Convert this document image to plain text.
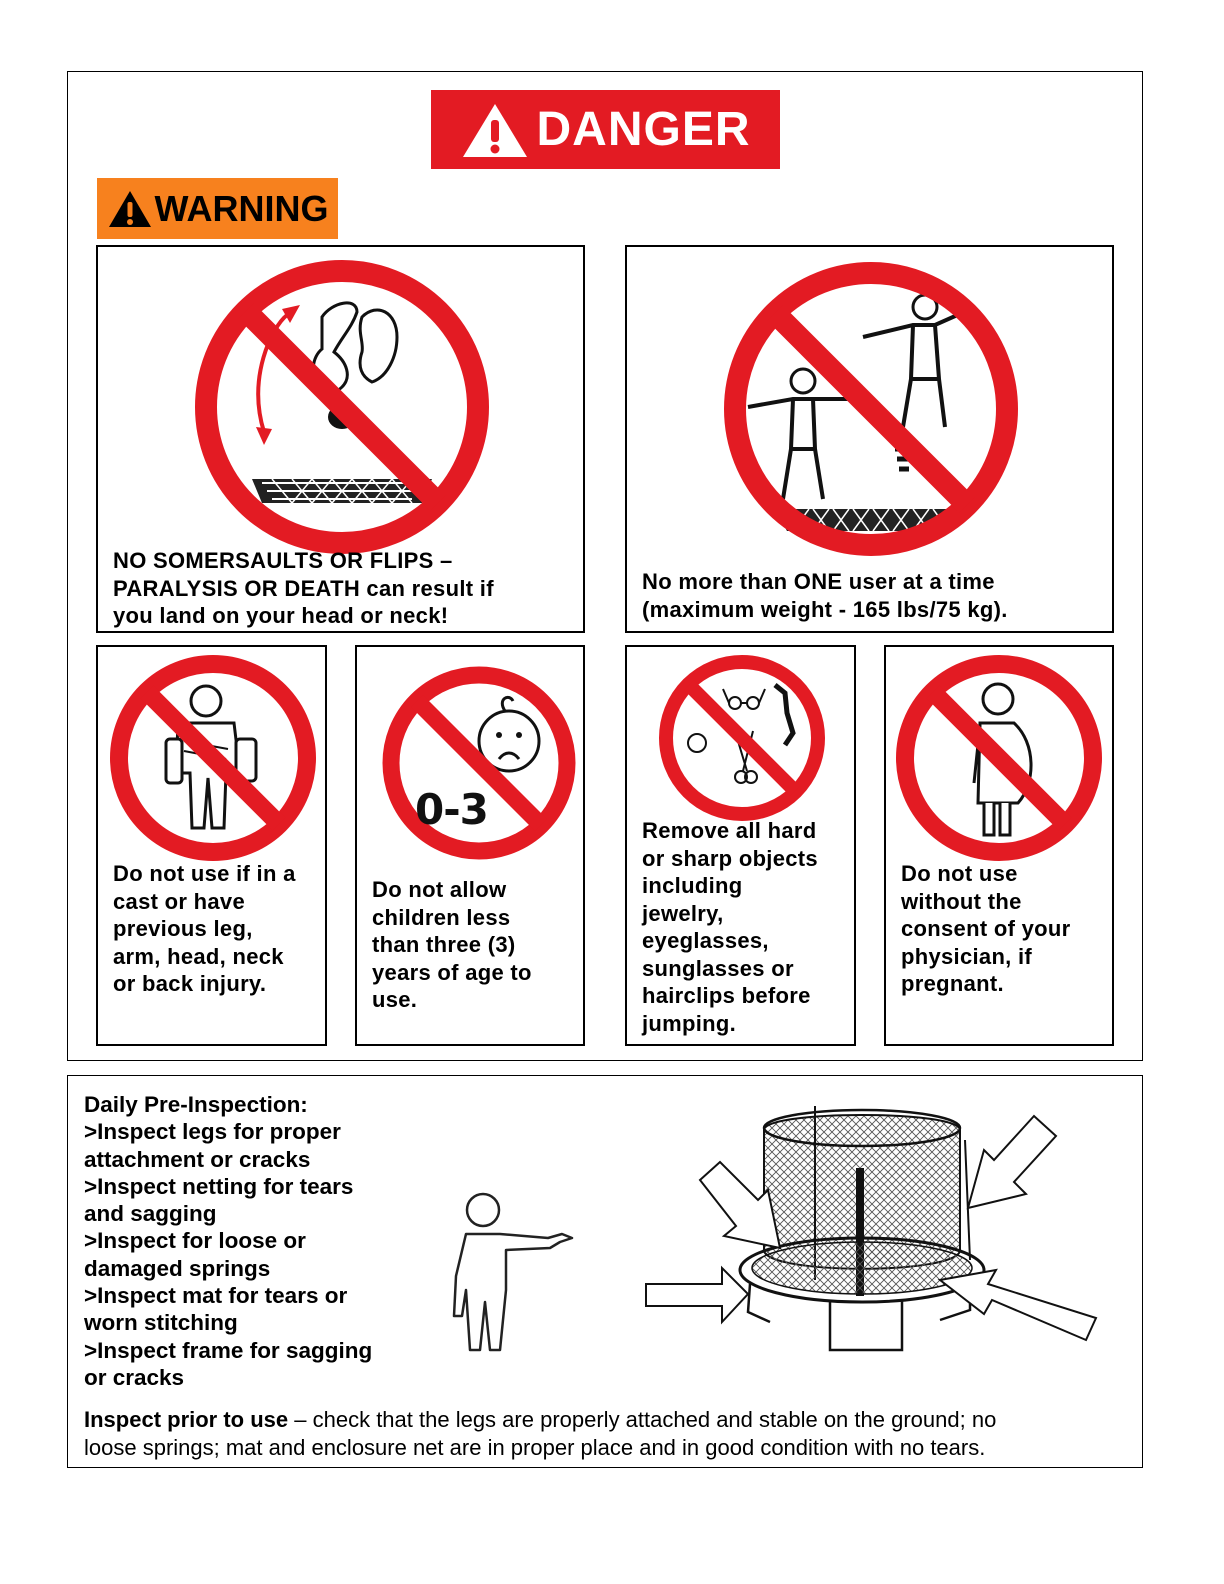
DANGER
WARNING
NO SOMERSAULTS OR FLIPS –
PARALYSIS OR DEATH can result if
you land on your head or neck!
No more than ONE user at a time
(maximum weight - 165 lbs/75 kg).
Do not use if in a
cast or have
previous leg,
arm, head, neck
or back injury.
0-3
Do not allow
children less
than three (3)
years of age to
use.
Remove all hard
or sharp objects
including
jewelry,
eyeglasses,
sunglasses or
hairclips before
jumping.
Do not use
without the
consent of your
physician, if
pregnant.
Daily Pre-Inspection:
>Inspect legs for proper
attachment or cracks
>Inspect netting for tears
and sagging
>Inspect for loose or
damaged springs
>Inspect mat for tears or
worn stitching
>Inspect frame for sagging
or cracks
Inspect prior to use – check that the legs are properly attached and stable on the ground; no
loose springs; mat and enclosure net are in proper place and in good condition with no tears.
